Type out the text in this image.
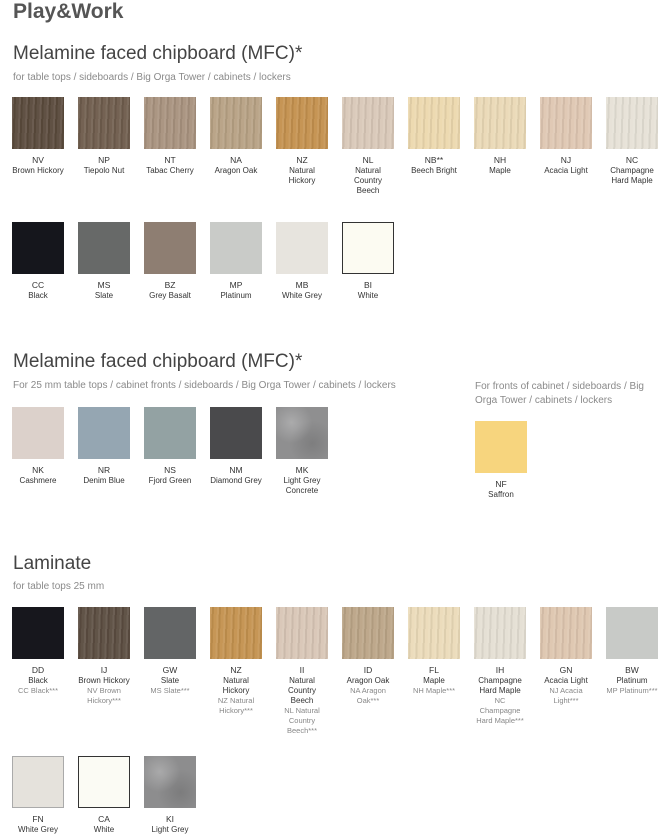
Play&Work
Melamine faced chipboard (MFC)*
for table tops / sideboards / Big Orga Tower / cabinets / lockers
Melamine faced chipboard (MFC)*
For 25 mm table tops / cabinet fronts / sideboards / Big Orga Tower / cabinets / lockers	For fronts of cabinet / sideboards / Big Orga Tower / cabinets / lockers
Laminate
for table tops 25 mm
NV
Brown Hickory
NP
Tiepolo Nut
NT
Tabac Cherry
NA
Aragon Oak
NZ
Natural Hickory
NL
Natural Country Beech
NB**
Beech Bright
NH
Maple
NJ
Acacia Light
NC
Champagne Hard Maple
CC
Black
MS
Slate
BZ
Grey Basalt
MP
Platinum
MB
White Grey
BI
White
NK
Cashmere
NR
Denim Blue
NS
Fjord Green
NM
Diamond Grey
MK
Light Grey Concrete
NF
Saffron
DD
Black
CC Black***
IJ
Brown Hickory
NV Brown Hickory***
GW
Slate
MS Slate***
NZ
Natural Hickory
NZ Natural Hickory***
II
Natural Country Beech
NL Natural Country Beech***
ID
Aragon Oak
NA Aragon Oak***
FL
Maple
NH Maple***
IH
Champagne Hard Maple
NC Champagne Hard Maple***
GN
Acacia Light
NJ Acacia Light***
BW
Platinum
MP Platinum***
FN
White Grey
CA
White
KI
Light Grey
